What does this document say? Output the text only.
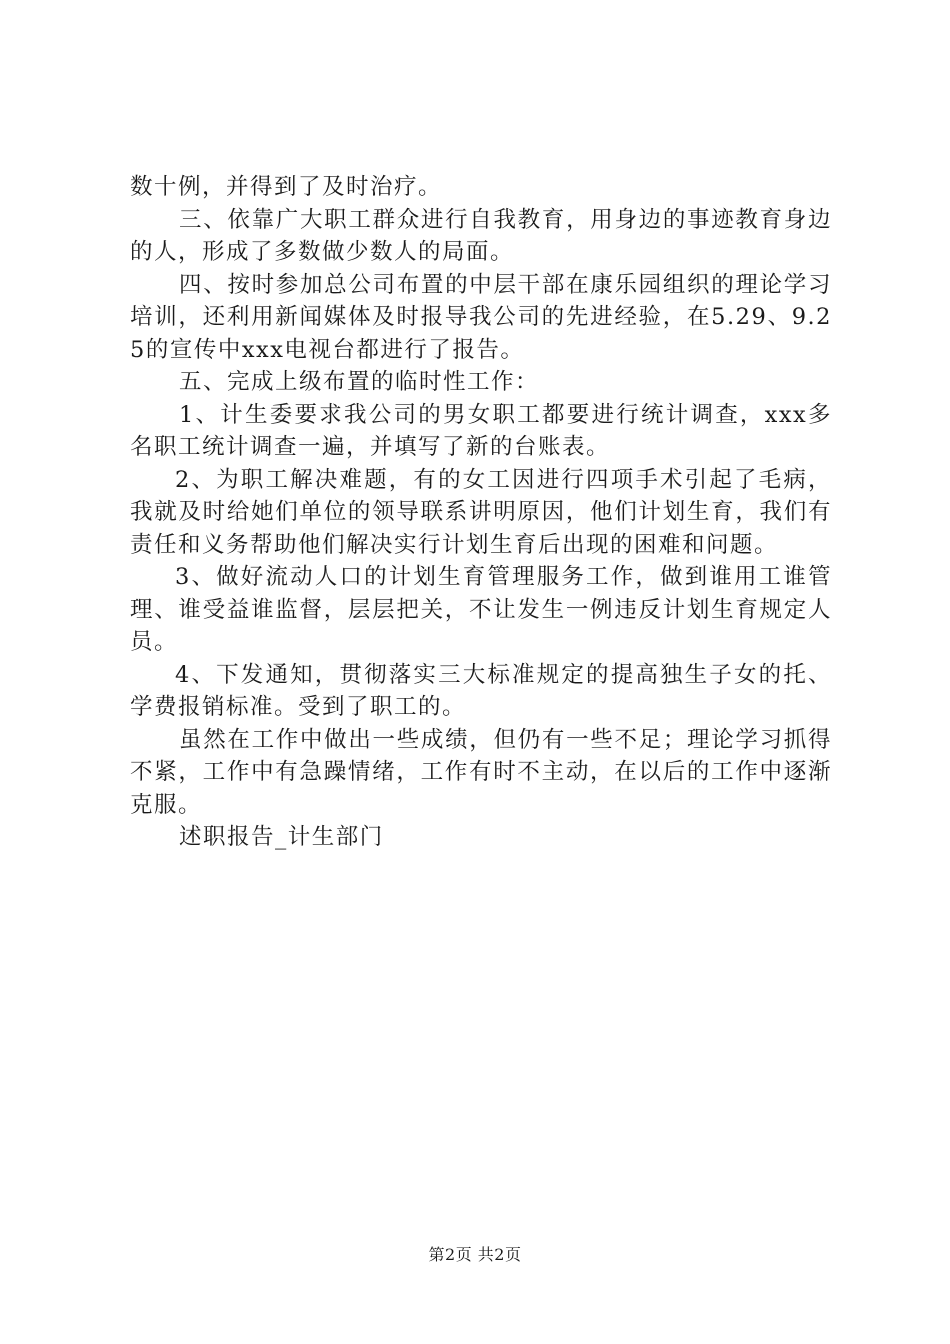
数十例，并得到了及时治疗。

三、依靠广大职工群众进行自我教育，用身边的事迹教育身边的人，形成了多数做少数人的局面。

四、按时参加总公司布置的中层干部在康乐园组织的理论学习培训，还利用新闻媒体及时报导我公司的先进经验，在5.29、9.25的宣传中xxx电视台都进行了报告。

五、完成上级布置的临时性工作：

1、计生委要求我公司的男女职工都要进行统计调查，xxx多名职工统计调查一遍，并填写了新的台账表。

2、为职工解决难题，有的女工因进行四项手术引起了毛病，我就及时给她们单位的领导联系讲明原因，他们计划生育，我们有责任和义务帮助他们解决实行计划生育后出现的困难和问题。

3、做好流动人口的计划生育管理服务工作，做到谁用工谁管理、谁受益谁监督，层层把关，不让发生一例违反计划生育规定人员。

4、下发通知，贯彻落实三大标准规定的提高独生子女的托、学费报销标准。受到了职工的。

虽然在工作中做出一些成绩，但仍有一些不足；理论学习抓得不紧，工作中有急躁情绪，工作有时不主动，在以后的工作中逐渐克服。

述职报告_计生部门

第2页 共2页
